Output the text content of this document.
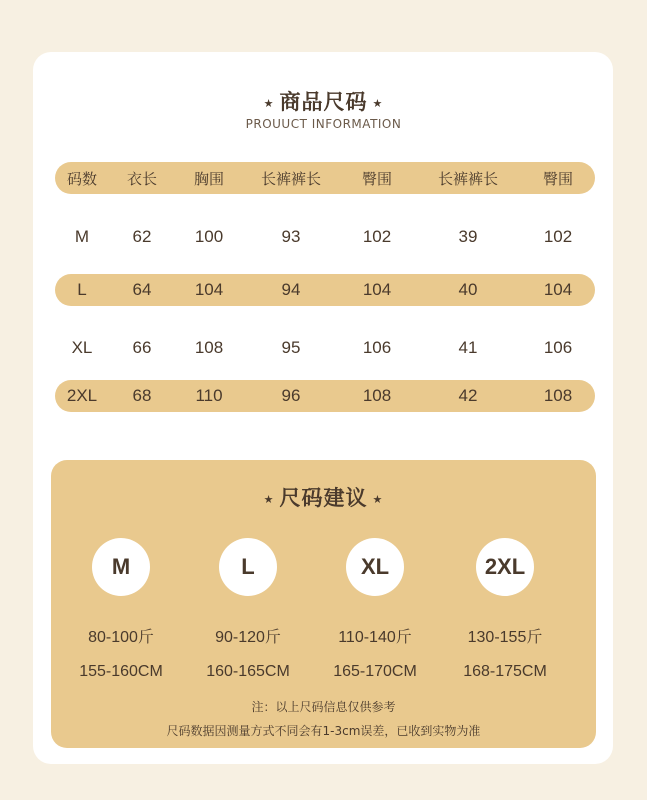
★ 商品尺码 ★
PROUUCT INFORMATION
码数	衣长	胸围	长裤裤长	臀围	长裤裤长	臀围
M	62	100	93	102	39	102
L	64	104	94	104	40	104
XL	66	108	95	106	41	106
2XL	68	110	96	108	42	108
★ 尺码建议 ★
M
80-100斤
155-160CM
L
90-120斤
160-165CM
XL
110-140斤
165-170CM
2XL
130-155斤
168-175CM
注：以上尺码信息仅供参考
尺码数据因测量方式不同会有1-3cm误差，已收到实物为准
